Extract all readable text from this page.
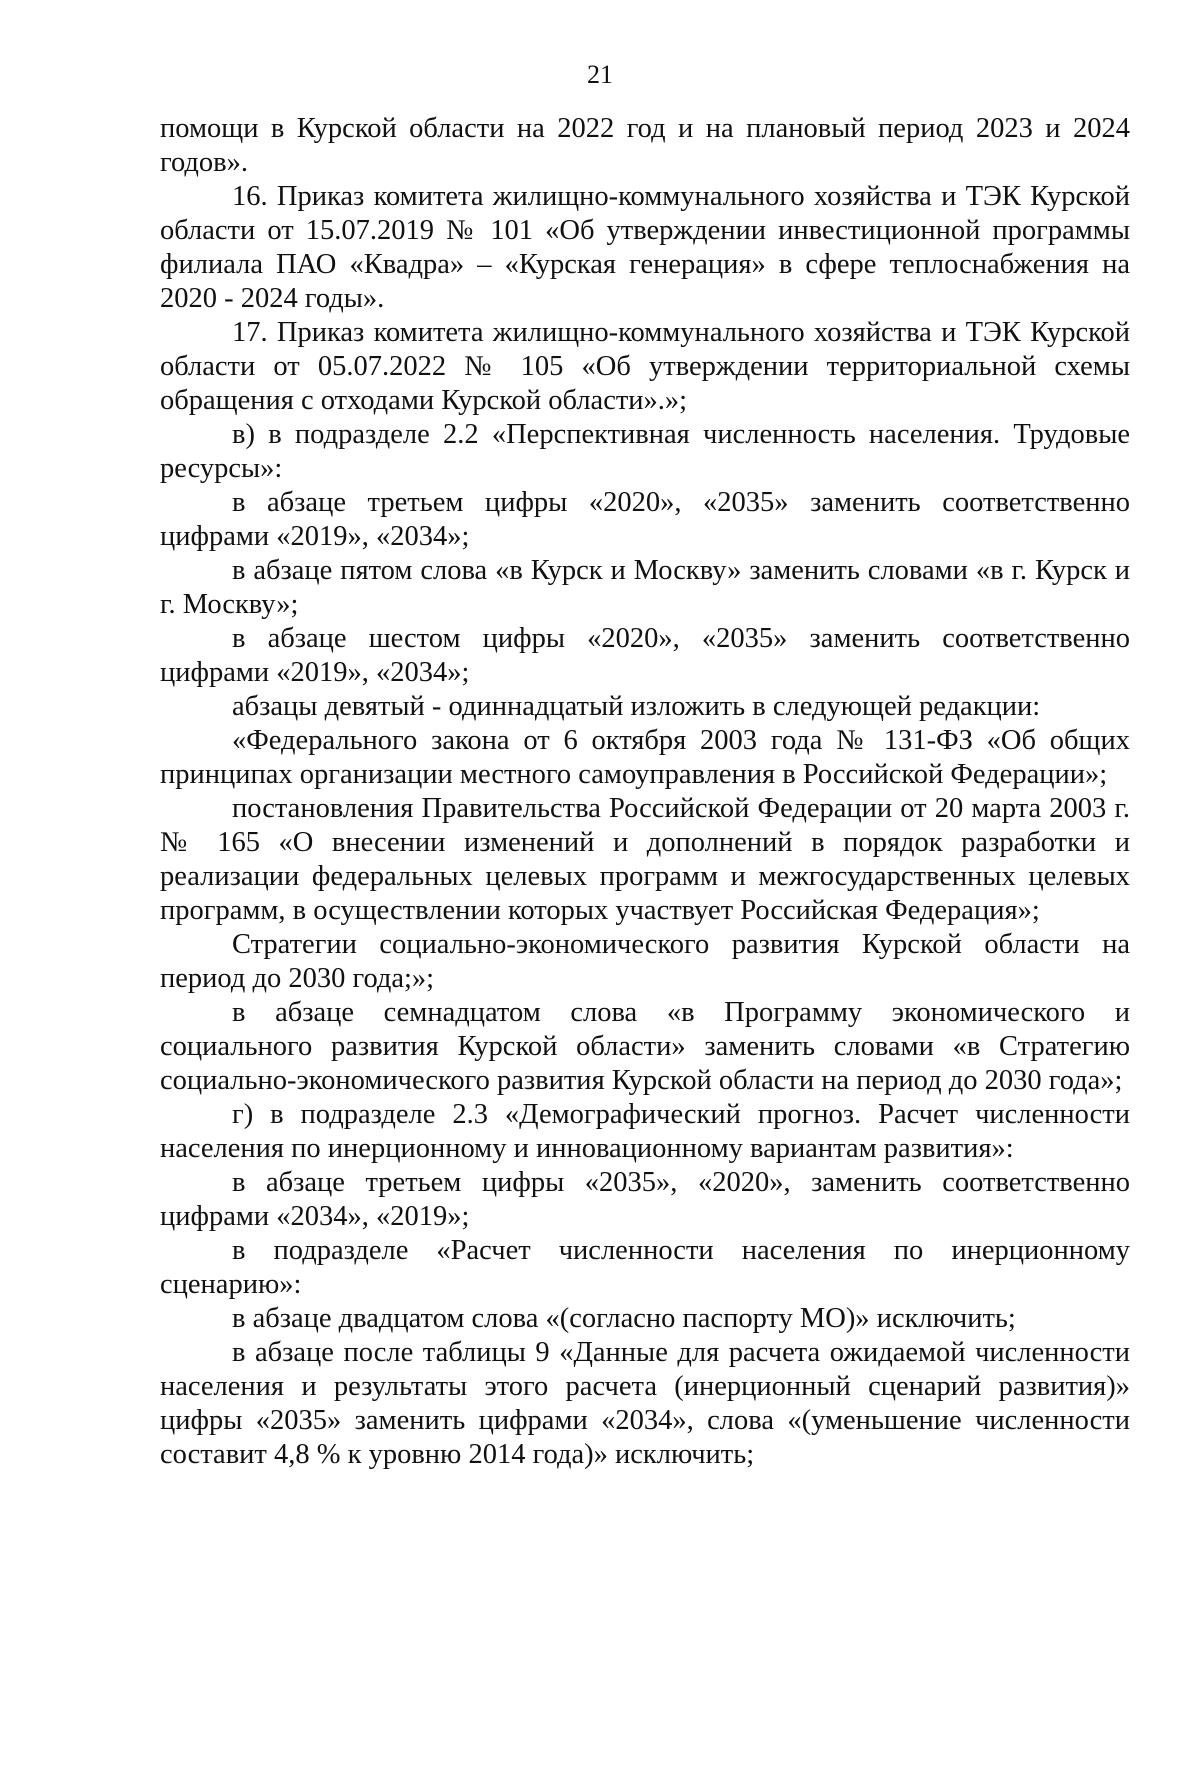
21

помощи в Курской области на 2022 год и на плановый период 2023 и 2024 годов».

16. Приказ комитета жилищно-коммунального хозяйства и ТЭК Курской области от 15.07.2019 № 101 «Об утверждении инвестиционной программы филиала ПАО «Квадра» – «Курская генерация» в сфере теплоснабжения на 2020 - 2024 годы».

17. Приказ комитета жилищно-коммунального хозяйства и ТЭК Курской области от 05.07.2022 № 105 «Об утверждении территориальной схемы обращения с отходами Курской области».»;

в) в подразделе 2.2 «Перспективная численность населения. Трудовые ресурсы»:

в абзаце третьем цифры «2020», «2035» заменить соответственно цифрами «2019», «2034»;

в абзаце пятом слова «в Курск и Москву» заменить словами «в г. Курск и г. Москву»;

в абзаце шестом цифры «2020», «2035» заменить соответственно цифрами «2019», «2034»;

абзацы девятый - одиннадцатый изложить в следующей редакции:

«Федерального закона от 6 октября 2003 года № 131-ФЗ «Об общих принципах организации местного самоуправления в Российской Федерации»;

постановления Правительства Российской Федерации от 20 марта 2003 г. № 165 «О внесении изменений и дополнений в порядок разработки и реализации федеральных целевых программ и межгосударственных целевых программ, в осуществлении которых участвует Российская Федерация»;

Стратегии социально-экономического развития Курской области на период до 2030 года;»;

в абзаце семнадцатом слова «в Программу экономического и социального развития Курской области» заменить словами «в Стратегию социально-экономического развития Курской области на период до 2030 года»;

г) в подразделе 2.3 «Демографический прогноз. Расчет численности населения по инерционному и инновационному вариантам развития»:

в абзаце третьем цифры «2035», «2020», заменить соответственно цифрами «2034», «2019»;

в подразделе «Расчет численности населения по инерционному сценарию»:

в абзаце двадцатом слова «(согласно паспорту МО)» исключить;

в абзаце после таблицы 9 «Данные для расчета ожидаемой численности населения и результаты этого расчета (инерционный сценарий развития)» цифры «2035» заменить цифрами «2034», слова «(уменьшение численности составит 4,8 % к уровню 2014 года)» исключить;
